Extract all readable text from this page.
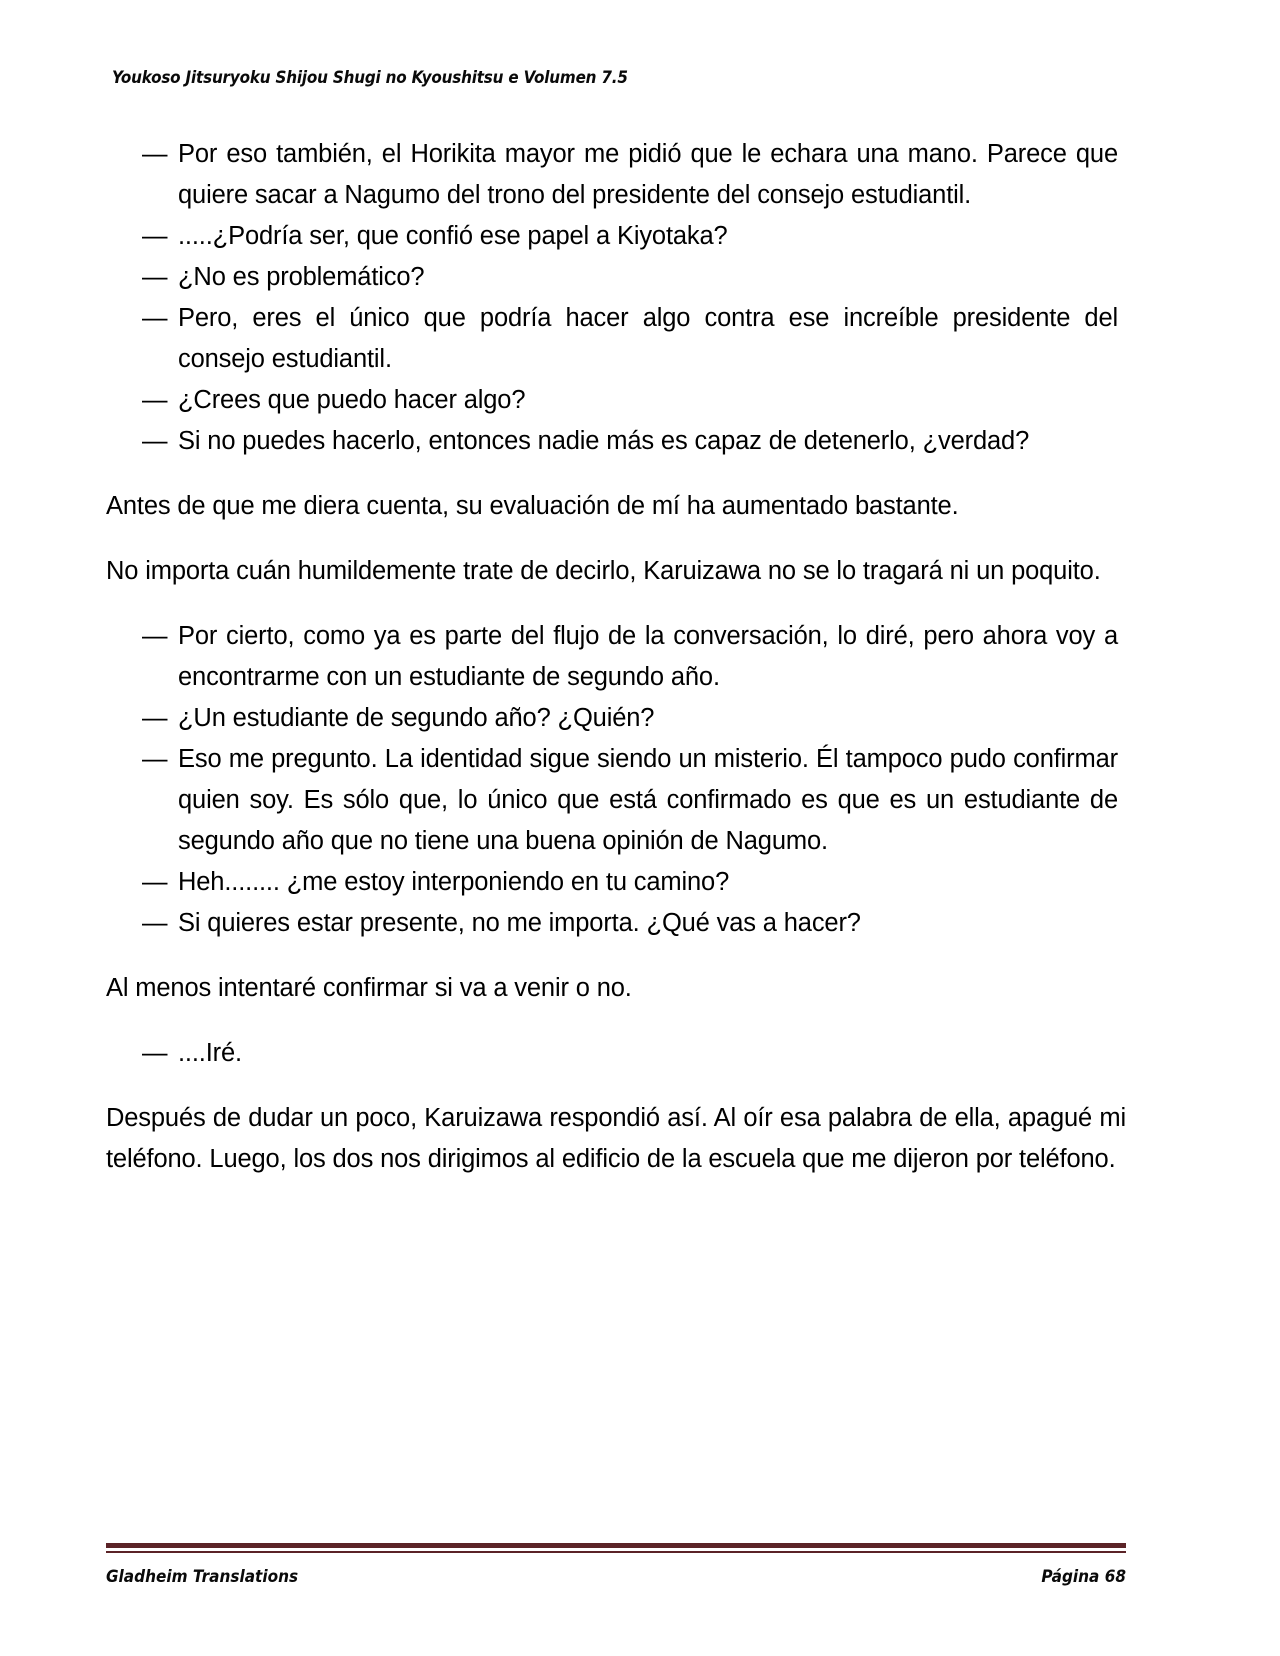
Youkoso Jitsuryoku Shijou Shugi no Kyoushitsu e Volumen 7.5

— Por eso también, el Horikita mayor me pidió que le echara una mano. Parece que quiere sacar a Nagumo del trono del presidente del consejo estudiantil.

— .....¿Podría ser, que confió ese papel a Kiyotaka?

— ¿No es problemático?

— Pero, eres el único que podría hacer algo contra ese increíble presidente del consejo estudiantil.

— ¿Crees que puedo hacer algo?

— Si no puedes hacerlo, entonces nadie más es capaz de detenerlo, ¿verdad?

Antes de que me diera cuenta, su evaluación de mí ha aumentado bastante.

No importa cuán humildemente trate de decirlo, Karuizawa no se lo tragará ni un poquito.

— Por cierto, como ya es parte del flujo de la conversación, lo diré, pero ahora voy a encontrarme con un estudiante de segundo año.

— ¿Un estudiante de segundo año? ¿Quién?

— Eso me pregunto. La identidad sigue siendo un misterio. Él tampoco pudo confirmar quien soy. Es sólo que, lo único que está confirmado es que es un estudiante de segundo año que no tiene una buena opinión de Nagumo.

— Heh........ ¿me estoy interponiendo en tu camino?

— Si quieres estar presente, no me importa. ¿Qué vas a hacer?

Al menos intentaré confirmar si va a venir o no.

— ....Iré.

Después de dudar un poco, Karuizawa respondió así. Al oír esa palabra de ella, apagué mi teléfono. Luego, los dos nos dirigimos al edificio de la escuela que me dijeron por teléfono.

Gladheim Translations	Página 68
